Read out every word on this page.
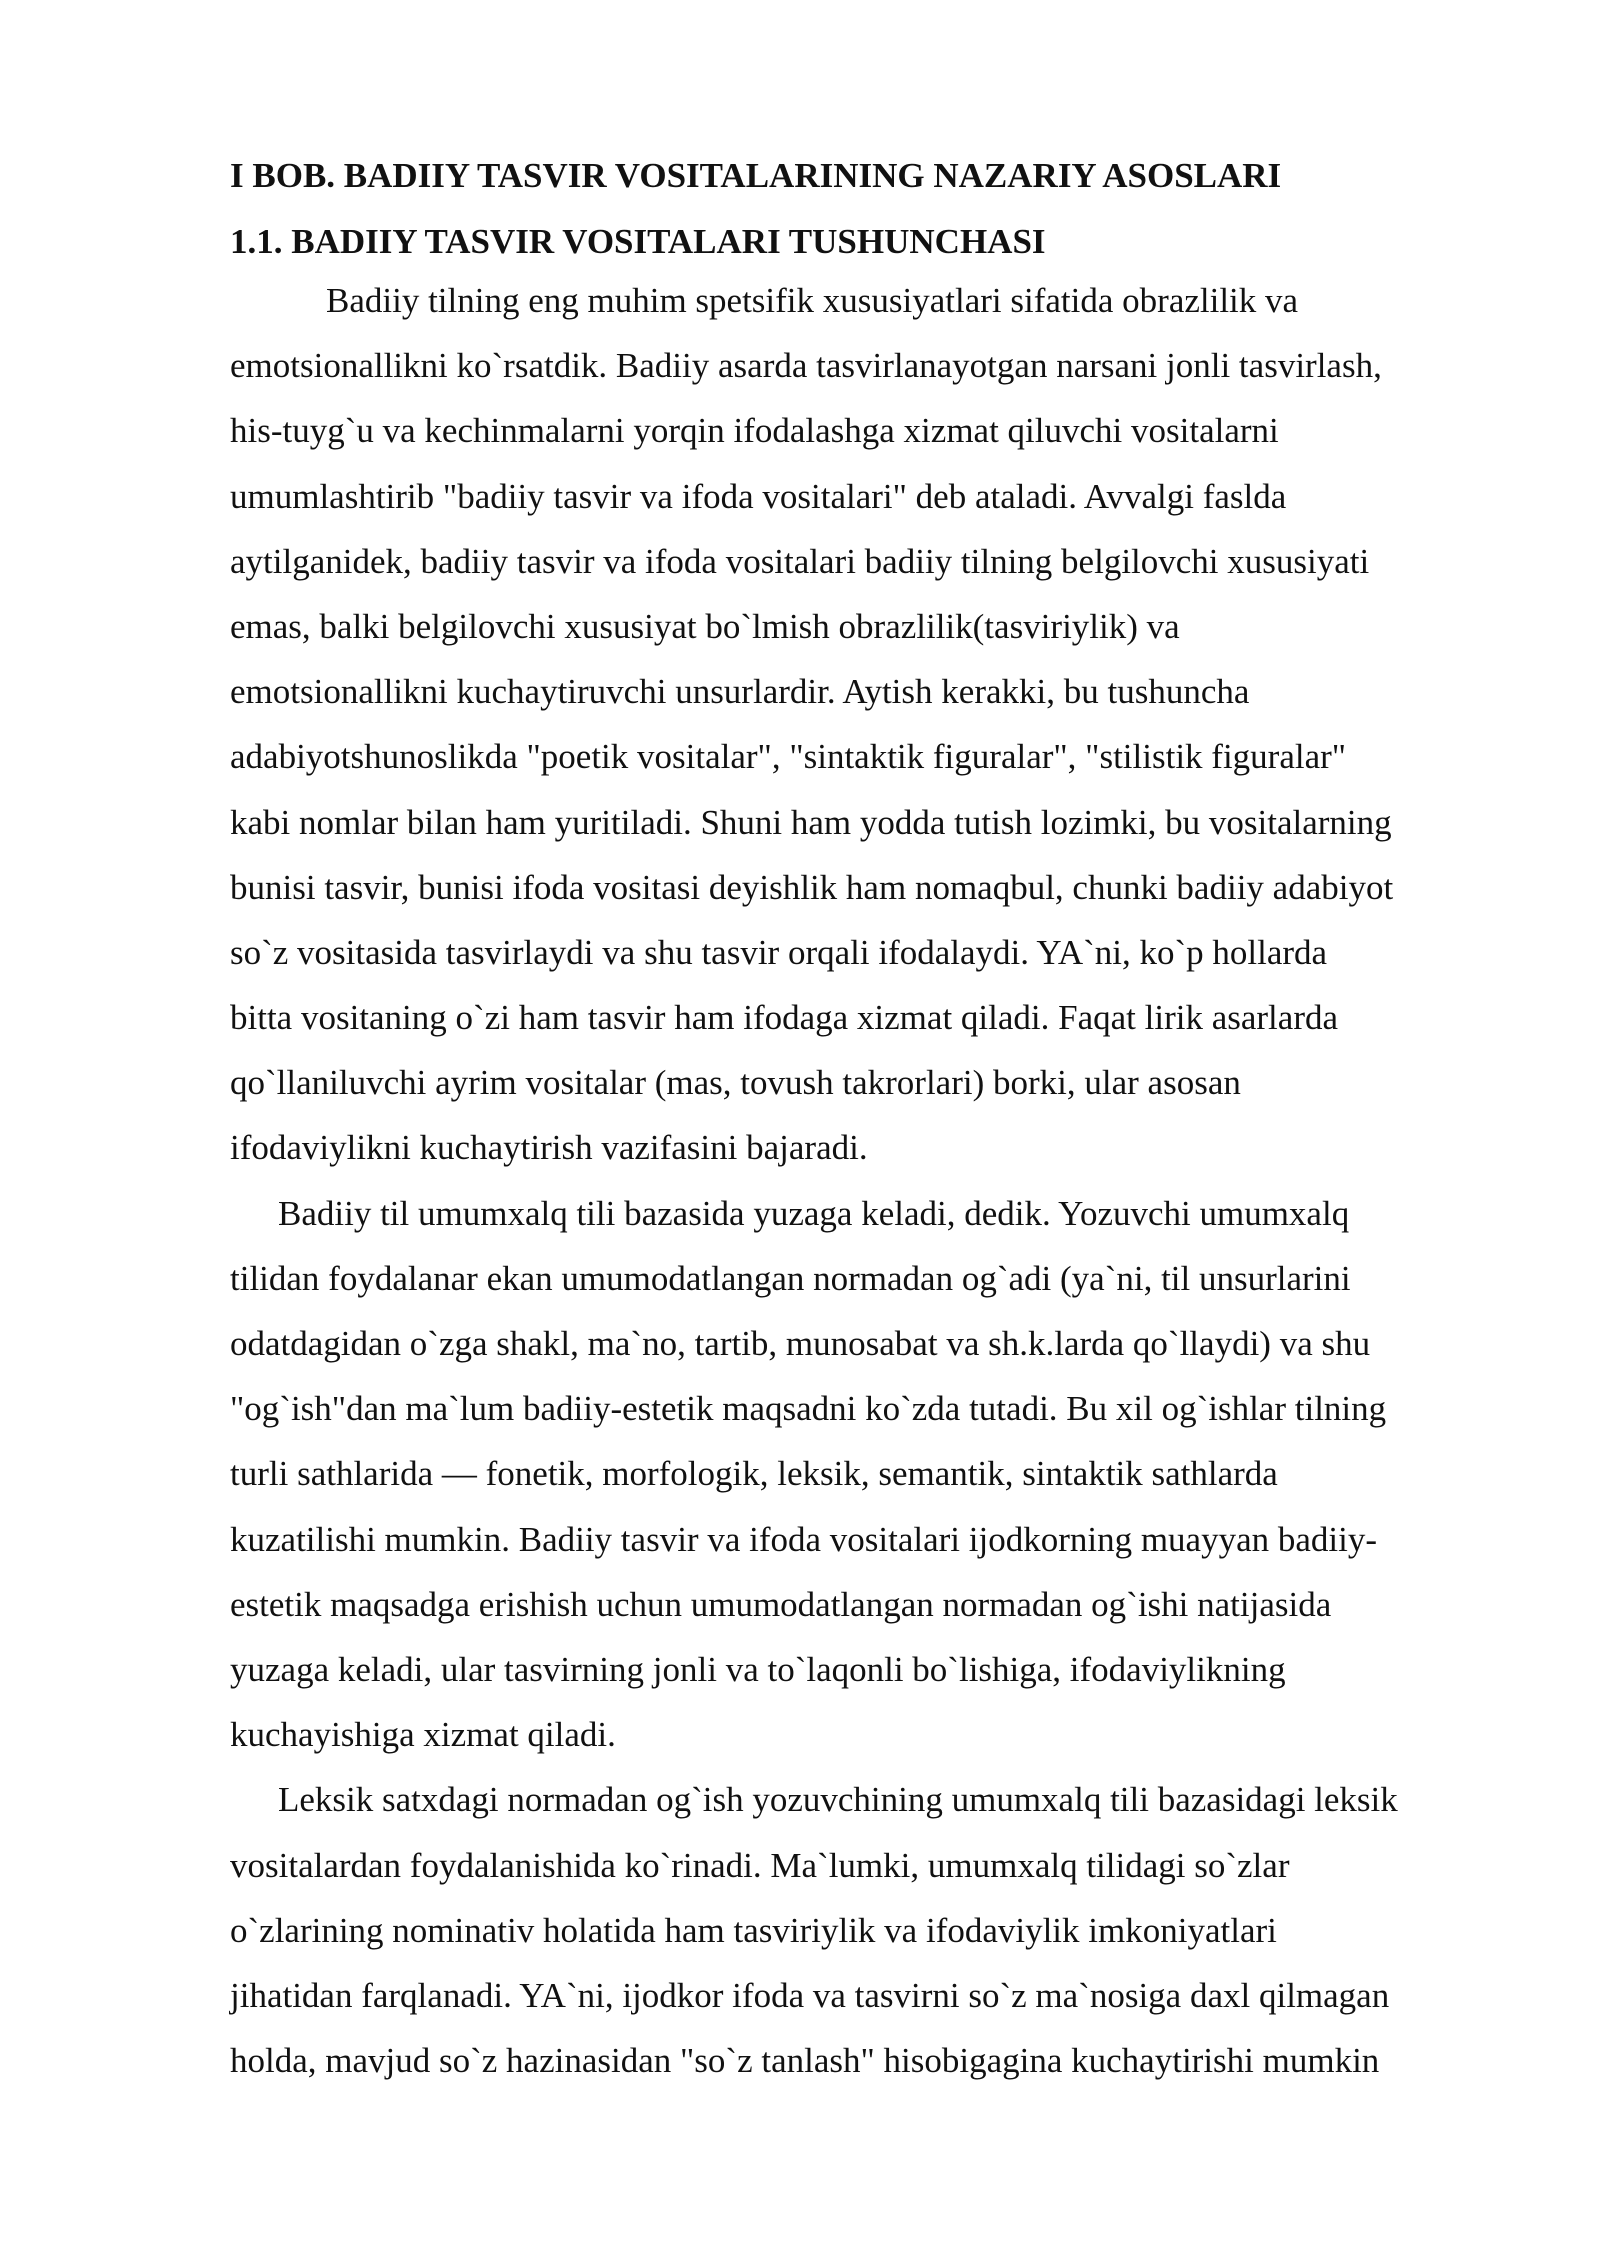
I BOB. BADIIY TASVIR VOSITALARINING NAZARIY ASOSLARI
1.1. BADIIY TASVIR VOSITALARI TUSHUNCHASI
Badiiy tilning eng muhim spetsifik xususiyatlari sifatida obrazlilik va
emotsionallikni ko`rsatdik. Badiiy asarda tasvirlanayotgan narsani jonli tasvirlash,
his-tuyg`u va kechinmalarni yorqin ifodalashga xizmat qiluvchi vositalarni
umumlashtirib "badiiy tasvir va ifoda vositalari" deb ataladi. Avvalgi faslda
aytilganidek, badiiy tasvir va ifoda vositalari badiiy tilning belgilovchi xususiyati
emas, balki belgilovchi xususiyat bo`lmish obrazlilik(tasviriylik) va
emotsionallikni kuchaytiruvchi unsurlardir. Aytish kerakki, bu tushuncha
adabiyotshunoslikda "poetik vositalar", "sintaktik figuralar", "stilistik figuralar"
kabi nomlar bilan ham yuritiladi. Shuni ham yodda tutish lozimki, bu vositalarning
bunisi tasvir, bunisi ifoda vositasi deyishlik ham nomaqbul, chunki badiiy adabiyot
so`z vositasida tasvirlaydi va shu tasvir orqali ifodalaydi. YA`ni, ko`p hollarda
bitta vositaning o`zi ham tasvir ham ifodaga xizmat qiladi. Faqat lirik asarlarda
qo`llaniluvchi ayrim vositalar (mas, tovush takrorlari) borki, ular asosan
ifodaviylikni kuchaytirish vazifasini bajaradi.
Badiiy til umumxalq tili bazasida yuzaga keladi, dedik. Yozuvchi umumxalq
tilidan foydalanar ekan umumodatlangan normadan og`adi (ya`ni, til unsurlarini
odatdagidan o`zga shakl, ma`no, tartib, munosabat va sh.k.larda qo`llaydi) va shu
"og`ish"dan ma`lum badiiy-estetik maqsadni ko`zda tutadi. Bu xil og`ishlar tilning
turli sathlarida — fonetik, morfologik, leksik, semantik, sintaktik sathlarda
kuzatilishi mumkin. Badiiy tasvir va ifoda vositalari ijodkorning muayyan badiiy-
estetik maqsadga erishish uchun umumodatlangan normadan og`ishi natijasida
yuzaga keladi, ular tasvirning jonli va to`laqonli bo`lishiga, ifodaviylikning
kuchayishiga xizmat qiladi.
Leksik satxdagi normadan og`ish yozuvchining umumxalq tili bazasidagi leksik
vositalardan foydalanishida ko`rinadi. Ma`lumki, umumxalq tilidagi so`zlar
o`zlarining nominativ holatida ham tasviriylik va ifodaviylik imkoniyatlari
jihatidan farqlanadi. YA`ni, ijodkor ifoda va tasvirni so`z ma`nosiga daxl qilmagan
holda, mavjud so`z hazinasidan "so`z tanlash" hisobigagina kuchaytirishi mumkin
